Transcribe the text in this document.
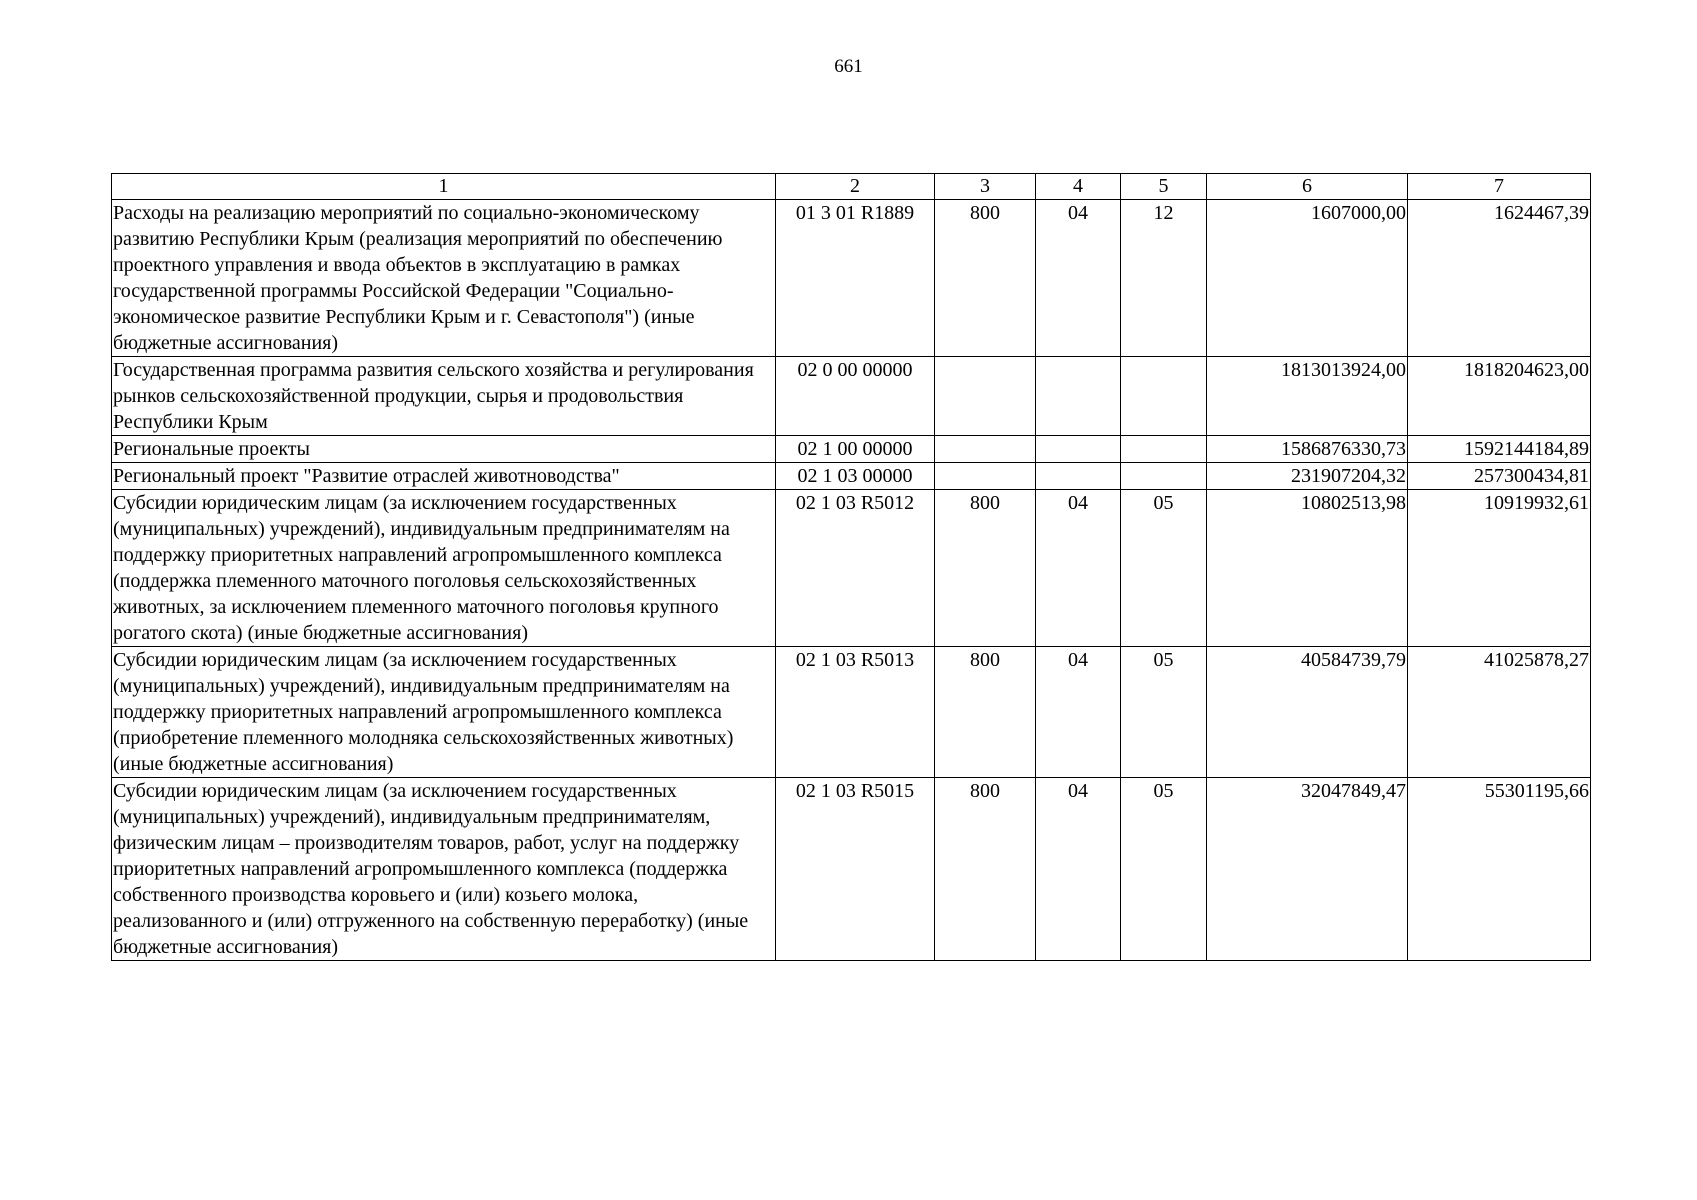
661
1	2	3	4	5	6	7
Расходы на реализацию мероприятий по социально-экономическому развитию Республики Крым (реализация мероприятий по обеспечению проектного управления и ввода объектов в эксплуатацию в рамках государственной программы Российской Федерации "Социально-экономическое развитие Республики Крым и г. Севастополя") (иные бюджетные ассигнования)	01 3 01 R1889	800	04	12	1607000,00	1624467,39
Государственная программа развития сельского хозяйства и регулирования рынков сельскохозяйственной продукции, сырья и продовольствия Республики Крым	02 0 00 00000				1813013924,00	1818204623,00
Региональные проекты	02 1 00 00000				1586876330,73	1592144184,89
Региональный проект "Развитие отраслей животноводства"	02 1 03 00000				231907204,32	257300434,81
Субсидии юридическим лицам (за исключением государственных (муниципальных) учреждений), индивидуальным предпринимателям на поддержку приоритетных направлений агропромышленного комплекса (поддержка племенного маточного поголовья сельскохозяйственных животных, за исключением племенного маточного поголовья крупного рогатого скота) (иные бюджетные ассигнования)	02 1 03 R5012	800	04	05	10802513,98	10919932,61
Субсидии юридическим лицам (за исключением государственных (муниципальных) учреждений), индивидуальным предпринимателям на поддержку приоритетных направлений агропромышленного комплекса (приобретение племенного молодняка сельскохозяйственных животных) (иные бюджетные ассигнования)	02 1 03 R5013	800	04	05	40584739,79	41025878,27
Субсидии юридическим лицам (за исключением государственных (муниципальных) учреждений), индивидуальным предпринимателям, физическим лицам – производителям товаров, работ, услуг на поддержку приоритетных направлений агропромышленного комплекса (поддержка собственного производства коровьего и (или) козьего молока, реализованного и (или) отгруженного на собственную переработку) (иные бюджетные ассигнования)	02 1 03 R5015	800	04	05	32047849,47	55301195,66
